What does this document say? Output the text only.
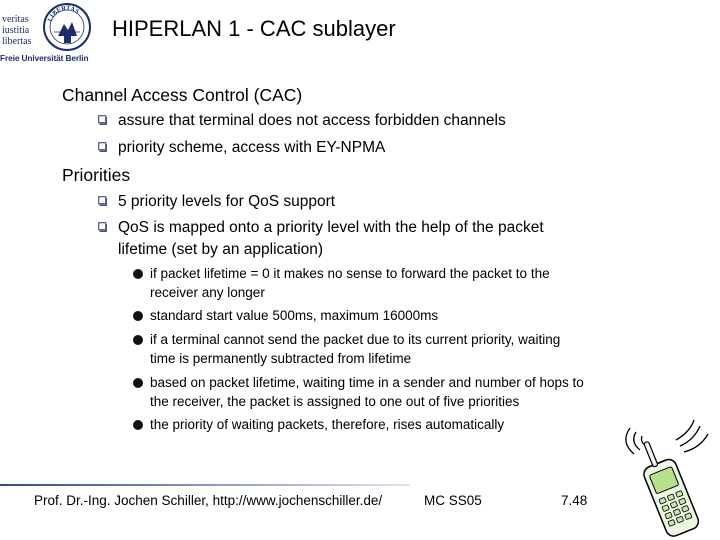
veritas
iustitia
libertas
LIBERTAS
Freie Universität Berlin
HIPERLAN 1 - CAC sublayer
Channel Access Control (CAC)
assure that terminal does not access forbidden channels
priority scheme, access with EY-NPMA
Priorities
5 priority levels for QoS support
QoS is mapped onto a priority level with the help of the packet
lifetime (set by an application)
if packet lifetime = 0 it makes no sense to forward the packet to the
receiver any longer
standard start value 500ms, maximum 16000ms
if a terminal cannot send the packet due to its current priority, waiting
time is permanently subtracted from lifetime
based on packet lifetime, waiting time in a sender and number of hops to
the receiver, the packet is assigned to one out of five priorities
the priority of waiting packets, therefore, rises automatically
Prof. Dr.-Ing. Jochen Schiller, http://www.jochenschiller.de/	MC SS05	7.48
